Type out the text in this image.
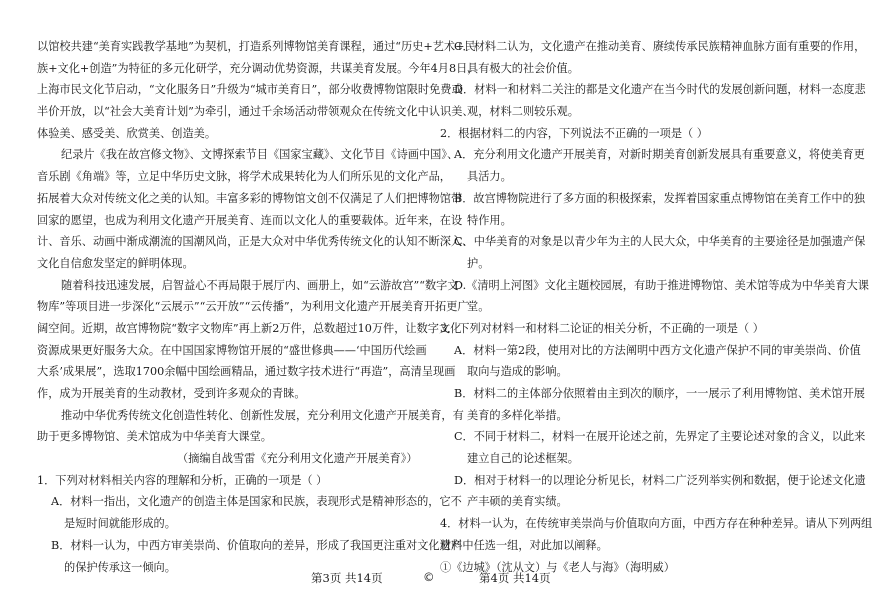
以馆校共建“美育实践教学基地”为契机，打造系列博物馆美育课程，通过“历史+艺术+民
族+文化+创造”为特征的多元化研学，充分调动优势资源，共谋美育发展。今年4月8日，
上海市民文化节启动，“文化服务日”升级为“城市美育日”，部分收费博物馆限时免费或
半价开放，以“社会大美育计划”为牵引，通过千余场活动带领观众在传统文化中认识美、
体验美、感受美、欣赏美、创造美。
纪录片《我在故宫修文物》、文博探索节目《国家宝藏》、文化节目《诗画中国》、
音乐剧《角端》等，立足中华历史文脉，将学术成果转化为人们所乐见的文化产品，
拓展着大众对传统文化之美的认知。丰富多彩的博物馆文创不仅满足了人们把博物馆带
回家的愿望，也成为利用文化遗产开展美育、连而以文化人的重要载体。近年来，在设
计、音乐、动画中渐成潮流的国潮风尚，正是大众对中华优秀传统文化的认知不断深入、
文化自信愈发坚定的鲜明体现。
随着科技迅速发展，启智益心不再局限于展厅内、画册上，如“云游故宫”“数字文
物库”等项目进一步深化“云展示”“云开放”“云传播”，为利用文化遗产开展美育开拓更广
阔空间。近期，故宫博物院“数字文物库”再上新2万件，总数超过10万件，让数字文化
资源成果更好服务大众。在中国国家博物馆开展的“盛世修典——‘中国历代绘画
大系’成果展”，选取1700余幅中国绘画精品，通过数字技术进行“再造”，高清呈现画
作，成为开展美育的生动教材，受到许多观众的青睐。
推动中华优秀传统文化创造性转化、创新性发展，充分利用文化遗产开展美育，有
助于更多博物馆、美术馆成为中华美育大课堂。
（摘编自战雪雷《充分利用文化遗产开展美育》）
1．下列对材料相关内容的理解和分析，正确的一项是（ ）
A．材料一指出，文化遗产的创造主体是国家和民族，表现形式是精神形态的，它不
是短时间就能形成的。
B．材料一认为，中西方审美崇尚、价值取向的差异，形成了我国更注重对文化遗产
的保护传承这一倾向。
C．材料二认为，文化遗产在推动美育、赓续传承民族精神血脉方面有重要的作用，
具有极大的社会价值。
D．材料一和材料二关注的都是文化遗产在当今时代的发展创新问题，材料一态度悲
观，材料二则较乐观。
2．根据材料二的内容，下列说法不正确的一项是（ ）
A．充分利用文化遗产开展美育，对新时期美育创新发展具有重要意义，将使美育更
具活力。
B．故宫博物院进行了多方面的积极探索，发挥着国家重点博物馆在美育工作中的独
特作用。
C．中华美育的对象是以青少年为主的人民大众，中华美育的主要途径是加强遗产保
护。
D.《清明上河图》文化主题校园展，有助于推进博物馆、美术馆等成为中华美育大课
堂。
3．下列对材料一和材料二论证的相关分析，不正确的一项是（ ）
A．材料一第2段，使用对比的方法阐明中西方文化遗产保护不同的审美崇尚、价值
取向与造成的影响。
B．材料二的主体部分依照着由主到次的顺序，一一展示了利用博物馆、美术馆开展
美育的多样化举措。
C．不同于材料二，材料一在展开论述之前，先界定了主要论述对象的含义，以此来
建立自己的论述框架。
D．相对于材料一的以理论分析见长，材料二广泛列举实例和数据，便于论述文化遗
产丰硕的美育实绩。
4．材料一认为，在传统审美崇尚与价值取向方面，中西方存在种种差异。请从下列两组
材料中任选一组，对此加以阐释。
①《边城》（沈从文）与《老人与海》（海明威）
第3页 共14页	©	第4页 共14页
